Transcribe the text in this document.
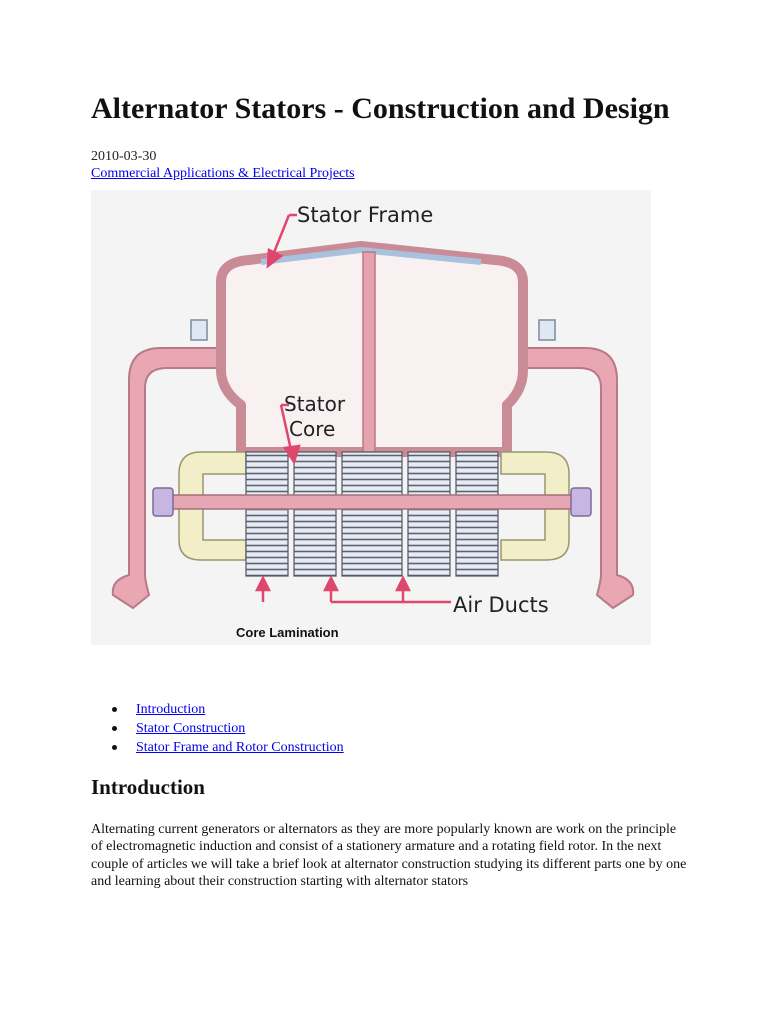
Alternator Stators - Construction and Design
2010-03-30
Commercial Applications & Electrical Projects
Stator Frame
Stator
Core
Air Ducts
Core Lamination
Introduction
Stator Construction
Stator Frame and Rotor Construction
Introduction

Alternating current generators or alternators as they are more popularly known are work on the principle of electromagnetic induction and consist of a stationery armature and a rotating field rotor. In the next couple of articles we will take a brief look at alternator construction studying its different parts one by one and learning about their construction starting with alternator stators
